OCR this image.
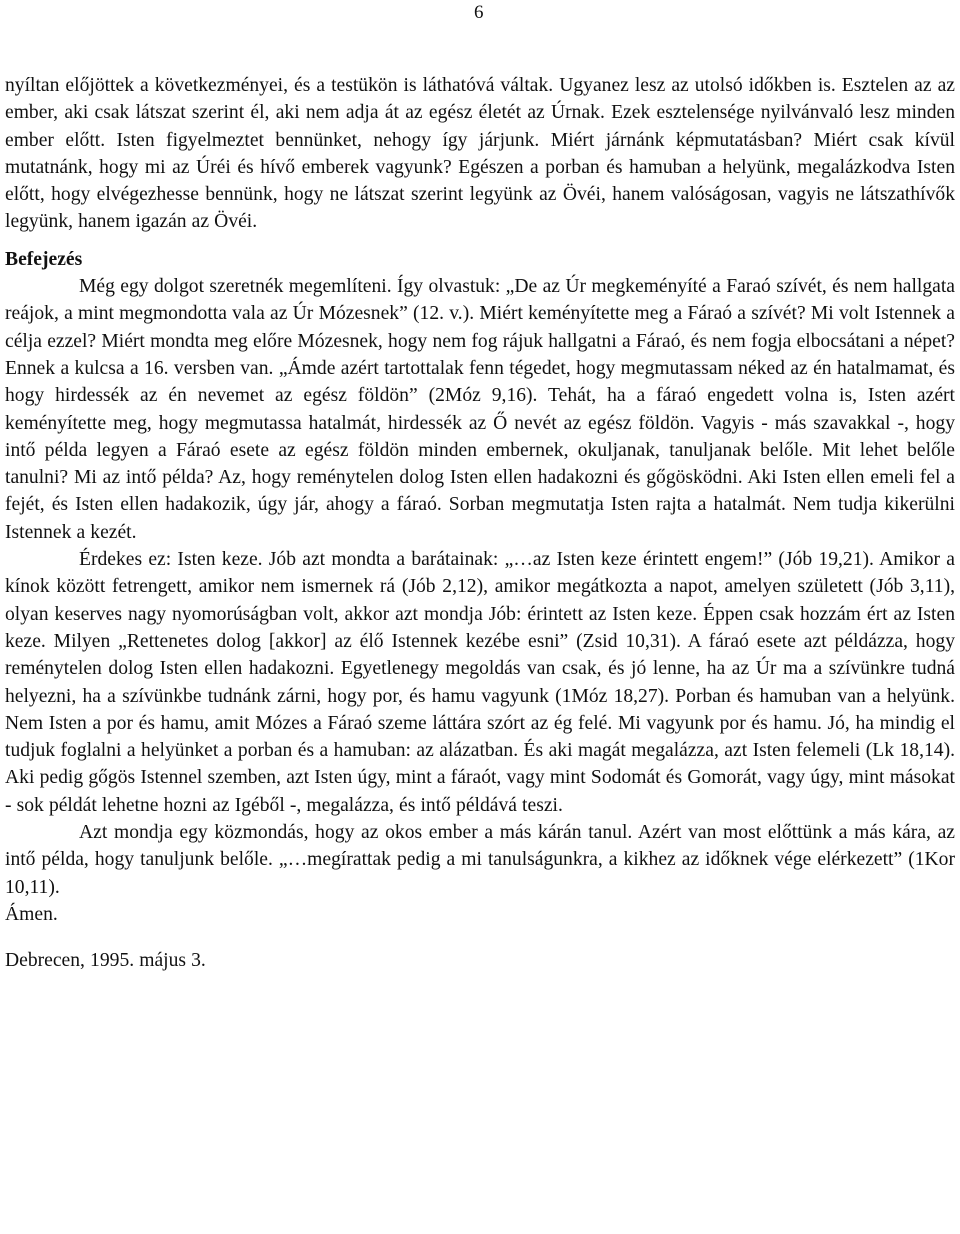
6

nyíltan előjöttek a következményei, és a testükön is láthatóvá váltak. Ugyanez lesz az utolsó időkben is. Esztelen az az ember, aki csak látszat szerint él, aki nem adja át az egész életét az Úrnak. Ezek esztelensége nyilvánvaló lesz minden ember előtt. Isten figyelmeztet bennünket, nehogy így járjunk. Miért járnánk képmutatásban? Miért csak kívül mutatnánk, hogy mi az Úréi és hívő emberek vagyunk? Egészen a porban és hamuban a helyünk, megalázkodva Isten előtt, hogy elvégezhesse bennünk, hogy ne látszat szerint legyünk az Övéi, hanem valóságosan, vagyis ne látszathívők legyünk, hanem igazán az Övéi.

Befejezés

Még egy dolgot szeretnék megemlíteni. Így olvastuk: „De az Úr megkeményíté a Faraó szívét, és nem hallgata reájok, a mint megmondotta vala az Úr Mózesnek” (12. v.). Miért keményítette meg a Fáraó a szívét? Mi volt Istennek a célja ezzel? Miért mondta meg előre Mózesnek, hogy nem fog rájuk hallgatni a Fáraó, és nem fogja elbocsátani a népet? Ennek a kulcsa a 16. versben van. „Ámde azért tartottalak fenn tégedet, hogy megmutassam néked az én hatalmamat, és hogy hirdessék az én nevemet az egész földön” (2Móz 9,16). Tehát, ha a fáraó engedett volna is, Isten azért keményítette meg, hogy megmutassa hatalmát, hirdessék az Ő nevét az egész földön. Vagyis - más szavakkal -, hogy intő példa legyen a Fáraó esete az egész földön minden embernek, okuljanak, tanuljanak belőle. Mit lehet belőle tanulni? Mi az intő példa? Az, hogy reménytelen dolog Isten ellen hadakozni és gőgösködni. Aki Isten ellen emeli fel a fejét, és Isten ellen hadakozik, úgy jár, ahogy a fáraó. Sorban megmutatja Isten rajta a hatalmát. Nem tudja kikerülni Istennek a kezét.

Érdekes ez: Isten keze. Jób azt mondta a barátainak: „…az Isten keze érintett engem!” (Jób 19,21). Amikor a kínok között fetrengett, amikor nem ismernek rá (Jób 2,12), amikor megátkozta a napot, amelyen született (Jób 3,11), olyan keserves nagy nyomorúságban volt, akkor azt mondja Jób: érintett az Isten keze. Éppen csak hozzám ért az Isten keze. Milyen „Rettenetes dolog [akkor] az élő Istennek kezébe esni” (Zsid 10,31). A fáraó esete azt példázza, hogy reménytelen dolog Isten ellen hadakozni. Egyetlenegy megoldás van csak, és jó lenne, ha az Úr ma a szívünkre tudná helyezni, ha a szívünkbe tudnánk zárni, hogy por, és hamu vagyunk (1Móz 18,27). Porban és hamuban van a helyünk. Nem Isten a por és hamu, amit Mózes a Fáraó szeme láttára szórt az ég felé. Mi vagyunk por és hamu. Jó, ha mindig el tudjuk foglalni a helyünket a porban és a hamuban: az alázatban. És aki magát megalázza, azt Isten felemeli (Lk 18,14). Aki pedig gőgös Istennel szemben, azt Isten úgy, mint a fáraót, vagy mint Sodomát és Gomorát, vagy úgy, mint másokat - sok példát lehetne hozni az Igéből -, megalázza, és intő példává teszi.

Azt mondja egy közmondás, hogy az okos ember a más kárán tanul. Azért van most előttünk a más kára, az intő példa, hogy tanuljunk belőle. „…megírattak pedig a mi tanulságunkra, a kikhez az időknek vége elérkezett” (1Kor 10,11).

Ámen.

Debrecen, 1995. május 3.
